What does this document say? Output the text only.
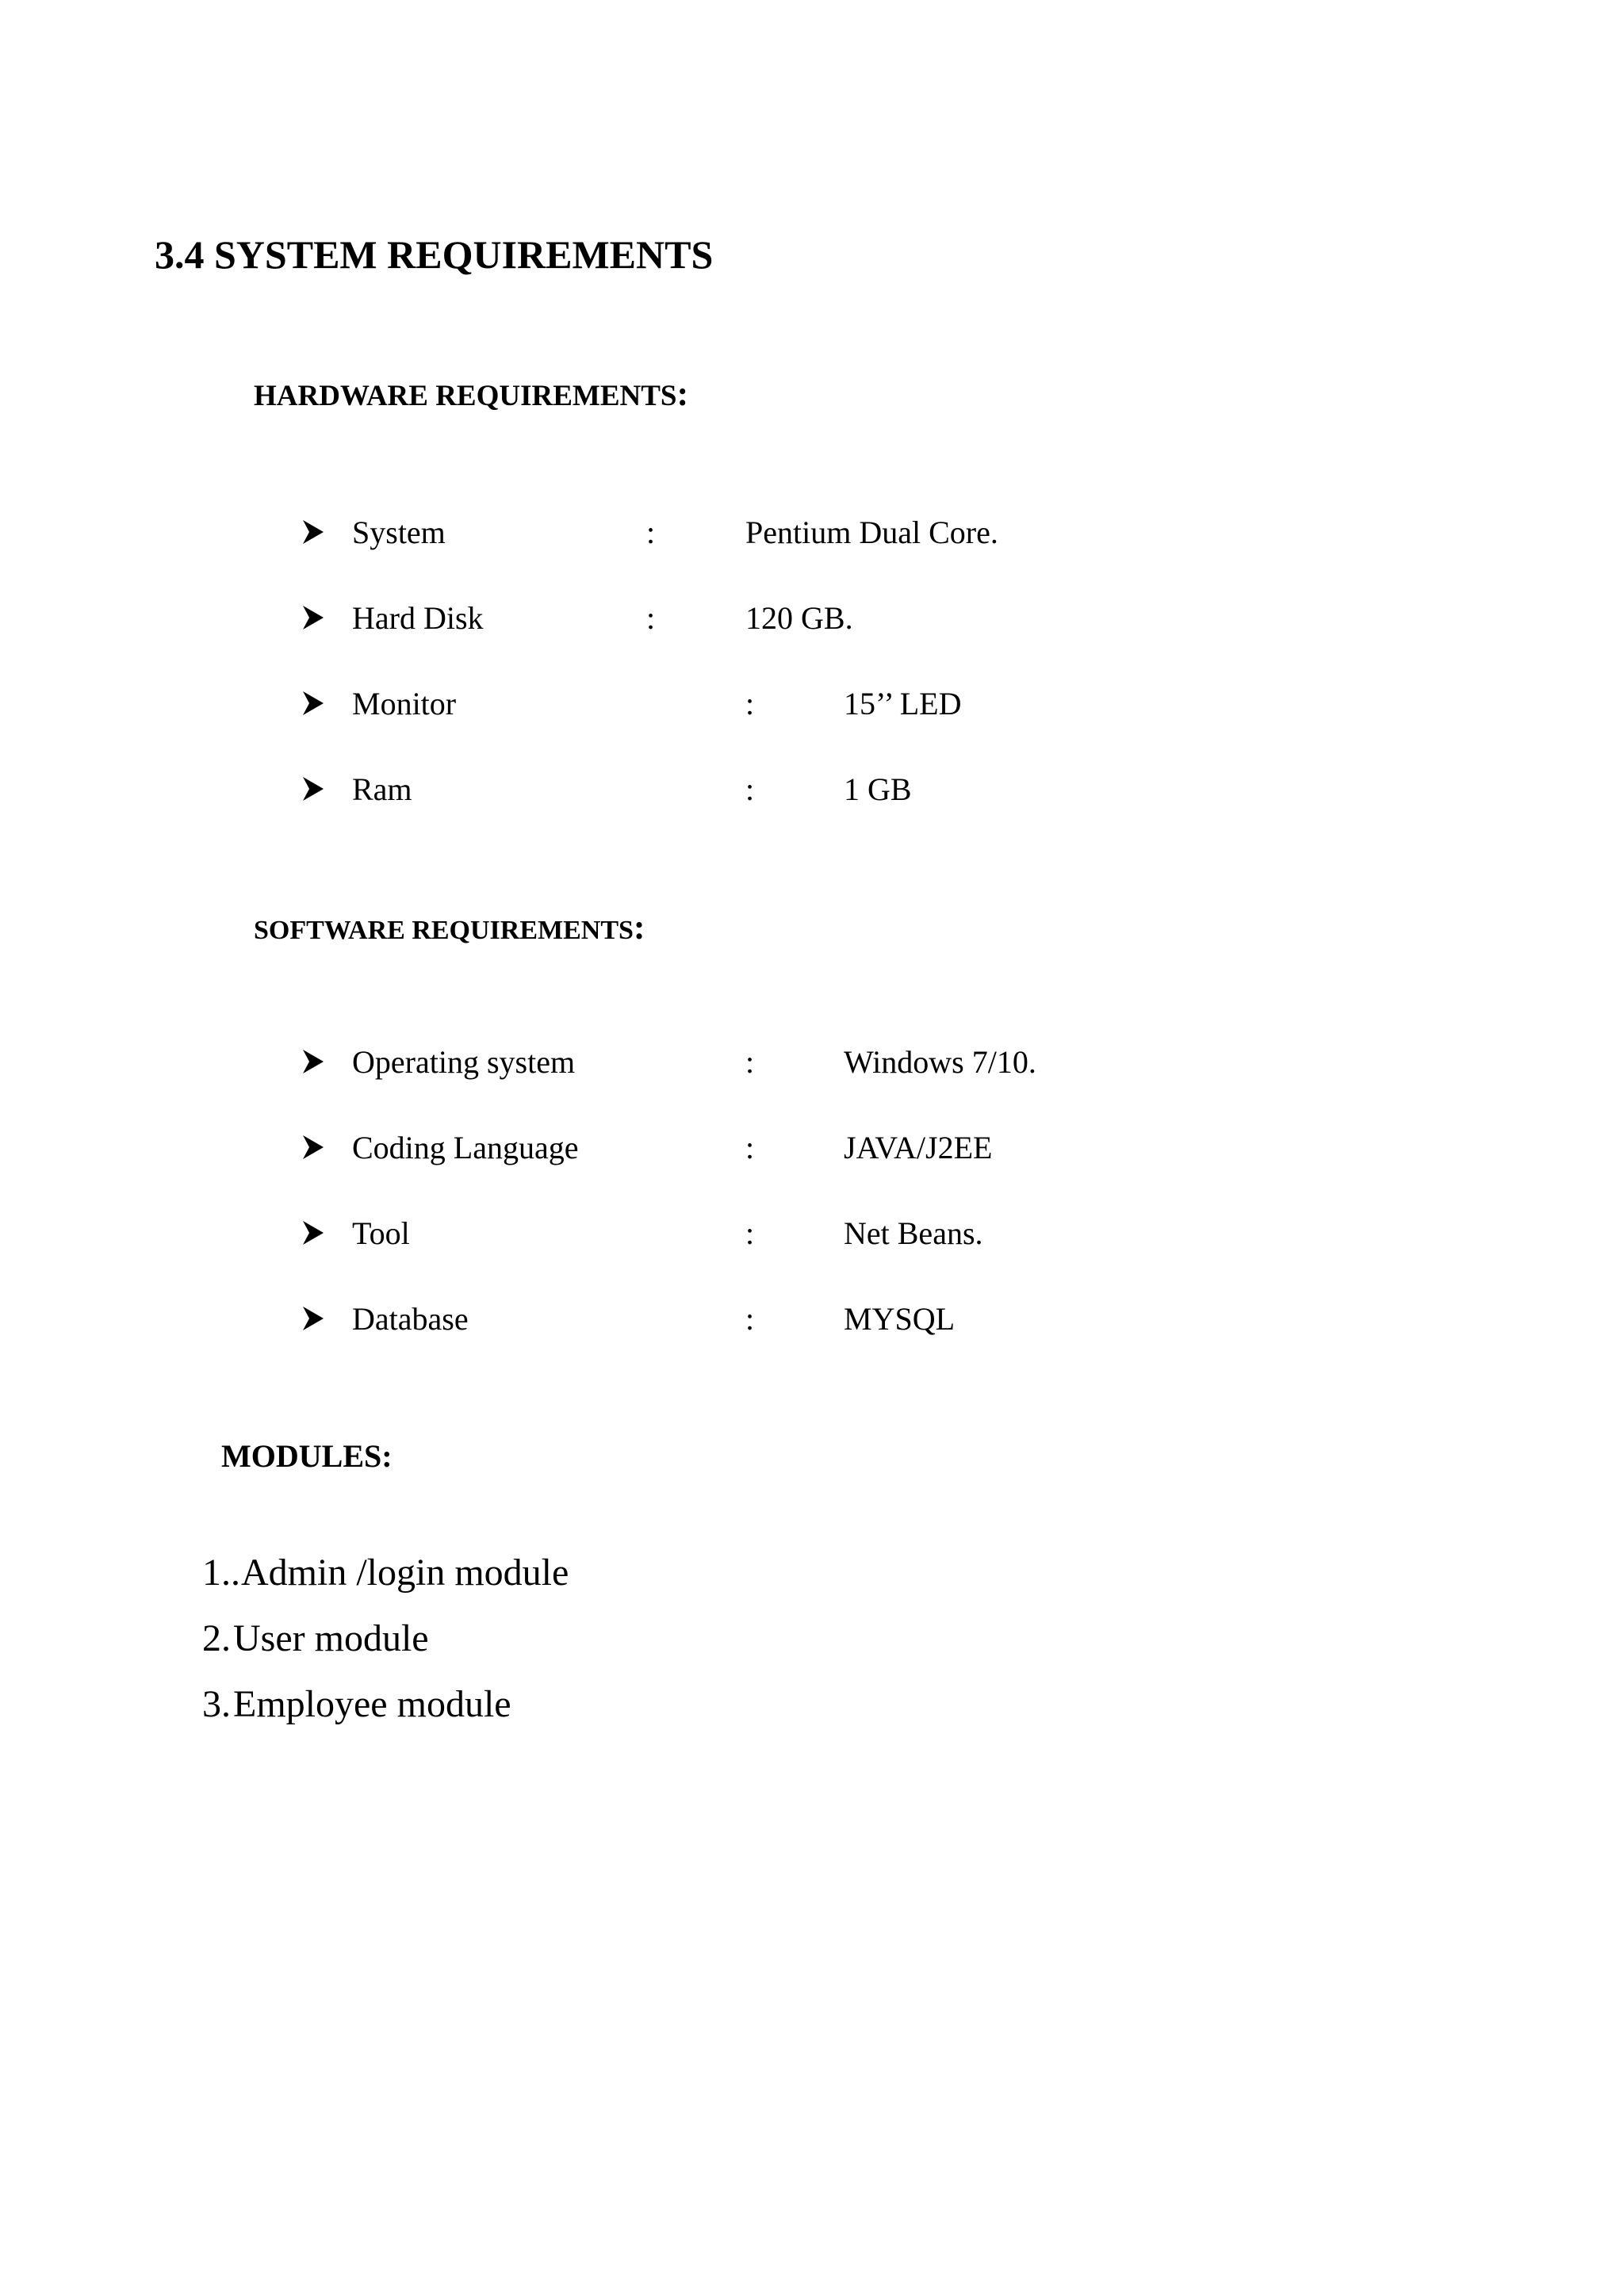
3.4 SYSTEM REQUIREMENTS
HARDWARE REQUIREMENTS:
System	:	Pentium Dual Core.
Hard Disk	:	120 GB.
Monitor	:	15’’ LED
Ram	:	1 GB
SOFTWARE REQUIREMENTS:
Operating system	:	Windows 7/10.
Coding Language	:	JAVA/J2EE
Tool	:	Net Beans.
Database	:	MYSQL
MODULES:
1.. Admin /login module
2. User module
3. Employee module
